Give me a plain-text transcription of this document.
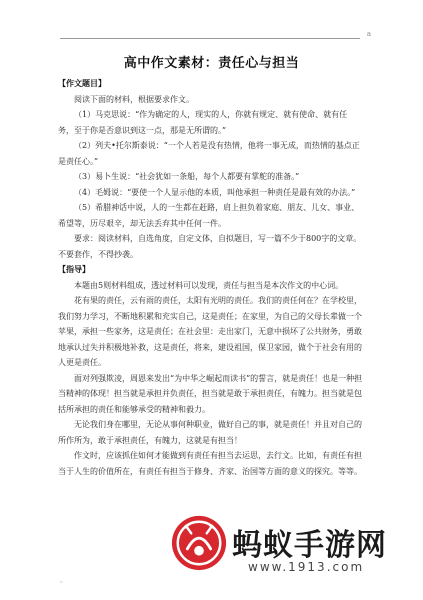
a
高中作文素材：责任心与担当

【作文题目】

阅读下面的材料，根据要求作文。

（1）马克思说：“作为确定的人，现实的人，你就有规定、就有使命、就有任务，至于你是否意识到这一点，那是无所谓的。”

（2）列夫•托尔斯泰说：“一个人若是没有热情，他将一事无成，而热情的基点正是责任心。”

（3）易卜生说：“社会犹如一条船，每个人都要有掌舵的准备。”

（4）毛姆说：“要使一个人显示他的本质，叫他承担一种责任是最有效的办法。”

（5）希腊神话中说，人的一生都在赶路，肩上担负着家庭、朋友、儿女、事业、希望等，历尽艰辛，却无法丢弃其中任何一件。

要求：阅读材料，自选角度，自定文体，自拟题目，写一篇不少于800字的文章。 不要套作，不得抄袭。

【指导】

本题由5则材料组成，透过材料可以发现，责任与担当是本次作文的中心词。

花有果的责任，云有雨的责任，太阳有光明的责任。我们的责任何在？在学校里，我们努力学习，不断地积累和充实自己，这是责任；在家里，为自己的父母长辈做一个苹果，承担一些家务，这是责任；在社会里：走出家门，无意中损坏了公共财务，勇敢地承认过失并积极地补救，这是责任，将来，建设祖国，保卫家园，做个于社会有用的人更是责任。

面对列强欺凌，周恩来发出“为中华之崛起而读书”的誓言，就是责任！也是一种担当精神的体现！担当就是承担并负责任，担当就是敢于承担责任，有魄力。担当就是包括所承担的责任和能够承受的精神和毅力。

无论我们身在哪里，无论从事何种职业，做好自己的事，就是责任！并且对自己的所作所为，敢于承担责任，有魄力，这就是有担当！

作文时，应该抓住如何才能做到有责任有担当去运思，去行文。比如，有责任有担当于人生的价值所在，有责任有担当于修身、齐家、治国等方面的意义的探究。等等。

。
蚂蚁手游网
www.1913.com
